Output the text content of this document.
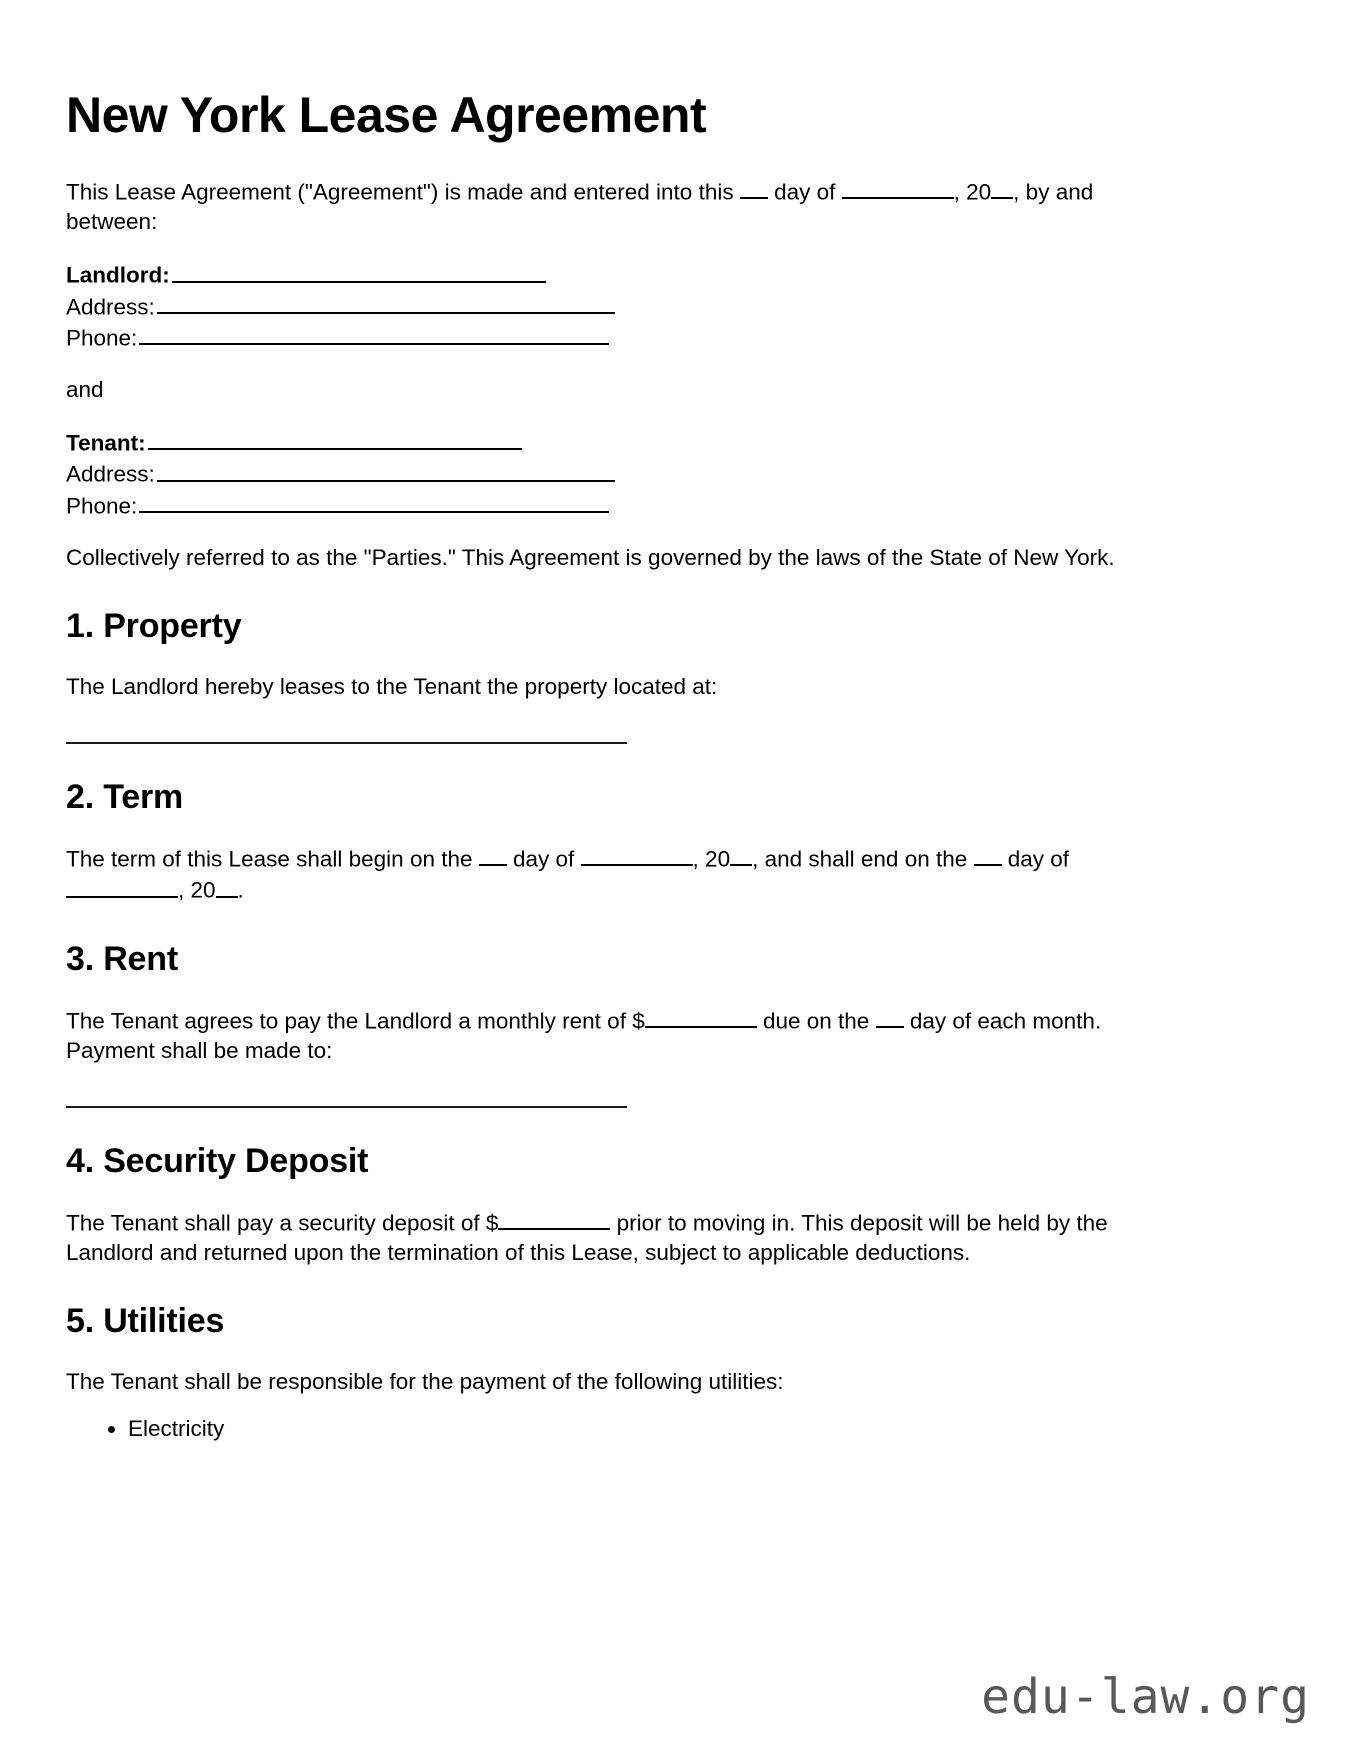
New York Lease Agreement

This Lease Agreement ("Agreement") is made and entered into this  day of	, 20 , by and between:

Landlord:
Address:
Phone:
and
Tenant:
Address:
Phone:

Collectively referred to as the "Parties." This Agreement is governed by the laws of the State of New York.

1. Property

The Landlord hereby leases to the Tenant the property located at:

2. Term

The term of this Lease shall begin on the  day of	, 20 , and shall end on the  day of , 20 .

3. Rent

The Tenant agrees to pay the Landlord a monthly rent of $	due on the  day of each month. Payment shall be made to:

4. Security Deposit

The Tenant shall pay a security deposit of $	prior to moving in. This deposit will be held by the Landlord and returned upon the termination of this Lease, subject to applicable deductions.

5. Utilities

The Tenant shall be responsible for the payment of the following utilities:

• Electricity
edu-law.org
